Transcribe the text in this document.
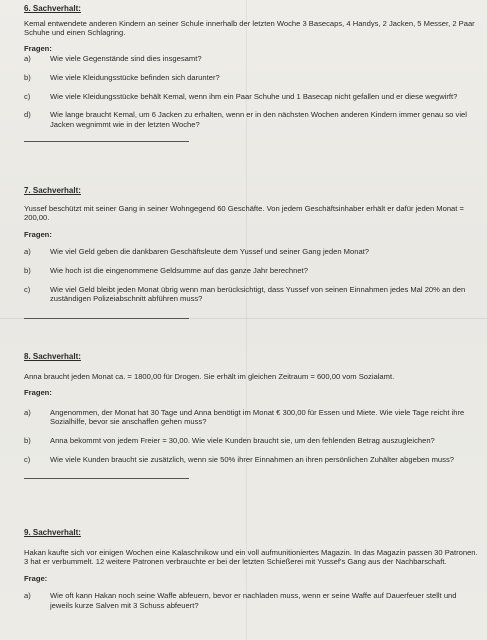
6. Sachverhalt:
Kemal entwendete anderen Kindern an seiner Schule innerhalb der letzten Woche 3 Basecaps, 4 Handys, 2 Jacken, 5 Messer, 2 Paar Schuhe und einen Schlagring.
Fragen:
a)	Wie viele Gegenstände sind dies insgesamt?
b)	Wie viele Kleidungsstücke befinden sich darunter?
c)	Wie viele Kleidungsstücke behält Kemal, wenn ihm ein Paar Schuhe und 1 Basecap nicht gefallen und er diese wegwirft?
d)	Wie lange braucht Kemal, um 6 Jacken zu erhalten, wenn er in den nächsten Wochen anderen Kindern immer genau so viel Jacken wegnimmt wie in der letzten Woche?
7. Sachverhalt:
Yussef beschützt mit seiner Gang in seiner Wohngegend 60 Geschäfte. Von jedem Geschäftsinhaber erhält er dafür jeden Monat = 200,00.
Fragen:
a)	Wie viel Geld geben die dankbaren Geschäftsleute dem Yussef und seiner Gang jeden Monat?
b)	Wie hoch ist die eingenommene Geldsumme auf das ganze Jahr berechnet?
c)	Wie viel Geld bleibt jeden Monat übrig wenn man berücksichtigt, dass Yussef von seinen Einnahmen jedes Mal 20% an den zuständigen Polizeiabschnitt abführen muss?
8. Sachverhalt:
Anna braucht jeden Monat ca. = 1800,00 für Drogen. Sie erhält im gleichen Zeitraum = 600,00 vom Sozialamt.
Fragen:
a)	Angenommen, der Monat hat 30 Tage und Anna benötigt im Monat € 300,00 für Essen und Miete. Wie viele Tage reicht ihre Sozialhilfe, bevor sie anschaffen gehen muss?
b)	Anna bekommt von jedem Freier = 30,00. Wie viele Kunden braucht sie, um den fehlenden Betrag auszugleichen?
c)	Wie viele Kunden braucht sie zusätzlich, wenn sie 50% ihrer Einnahmen an ihren persönlichen Zuhälter abgeben muss?
9. Sachverhalt:
Hakan kaufte sich vor einigen Wochen eine Kalaschnikow und ein voll aufmunitioniertes Magazin. In das Magazin passen 30 Patronen. 3 hat er verbummelt. 12 weitere Patronen verbrauchte er bei der letzten Schießerei mit Yussef's Gang aus der Nachbarschaft.
Frage:
a)	Wie oft kann Hakan noch seine Waffe abfeuern, bevor er nachladen muss, wenn er seine Waffe auf Dauerfeuer stellt und jeweils kurze Salven mit 3 Schuss abfeuert?
